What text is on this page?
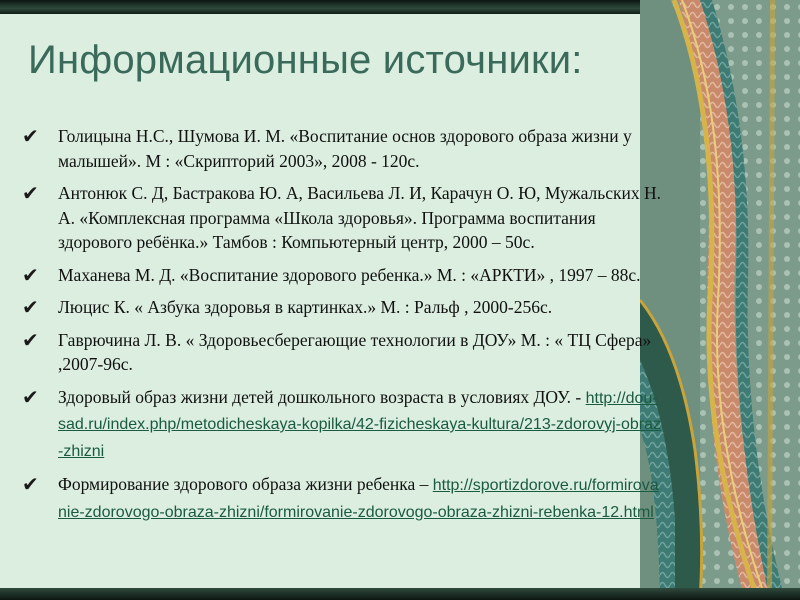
Информационные источники:
✔ Голицына Н.С., Шумова И. М. «Воспитание основ здорового образа жизни у малышей». М : «Скрипторий 2003», 2008 - 120с.
✔ Антонюк С. Д, Бастракова Ю. А, Васильева Л. И, Карачун О. Ю, Мужальских Н. А. «Комплексная программа «Школа здоровья». Программа воспитания здорового ребёнка.» Тамбов : Компьютерный центр, 2000 – 50с.
✔ Маханева М. Д. «Воспитание здорового ребенка.» М. : «АРКТИ» , 1997 – 88с.
✔ Люцис К. « Азбука здоровья в картинках.» М. : Ральф , 2000-256с.
✔ Гаврючина Л. В. « Здоровьесберегающие технологии в ДОУ» М. : « ТЦ Сфера» ,2007-96с.
✔ Здоровый образ жизни детей дошкольного возраста в условиях ДОУ. - http://dou-sad.ru/index.php/metodicheskaya-kopilka/42-fizicheskaya-kultura/213-zdorovyj-obraz-zhizni
✔ Формирование здорового образа жизни ребенка – http://sportizdorove.ru/formirovanie-zdorovogo-obraza-zhizni/formirovanie-zdorovogo-obraza-zhizni-rebenka-12.html
